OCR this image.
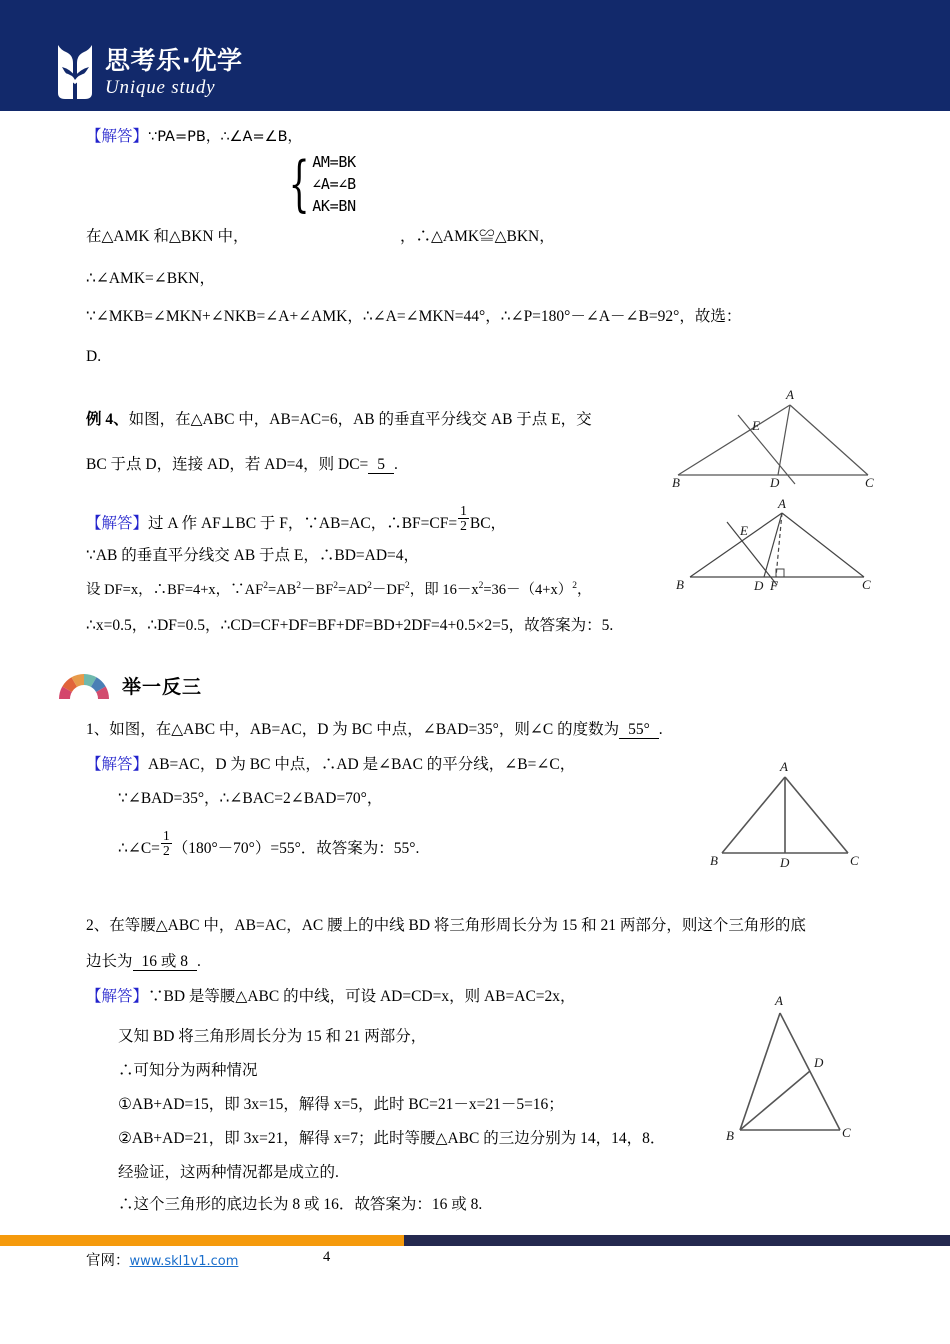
思考乐·优学
Unique study
【解答】∵PA=PB，∴∠A=∠B，
{ AM=BK
∠A=∠B
AK=BN
在△AMK 和△BKN 中，	，∴△AMK≌△BKN，
∴∠AMK=∠BKN，
∵∠MKB=∠MKN+∠NKB=∠A+∠AMK，∴∠A=∠MKN=44°，∴∠P=180°－∠A－∠B=92°，故选：
D.
例 4、如图，在△ABC 中，AB=AC=6，AB 的垂直平分线交 AB 于点 E，交
BC 于点 D，连接 AD，若 AD=4，则 DC= 5 .
【解答】过 A 作 AF⊥BC 于 F，∵AB=AC，∴BF=CF= $\frac{1}{2}$ BC，
∵AB 的垂直平分线交 AB 于点 E，∴BD=AD=4，
设 DF=x，∴BF=4+x，$\because AF^2=AB^2-BF^2=AD^2-DF^2$，即 $16-x^2=36-(4+x)^2$，
∴x=0.5，∴DF=0.5，∴CD=CF+DF=BF+DF=BD+2DF=4+0.5×2=5，故答案为：5.
举一反三
1、如图，在△ABC 中，AB=AC，D 为 BC 中点，∠BAD=35°，则∠C 的度数为 55° .
【解答】AB=AC，D 为 BC 中点，∴AD 是∠BAC 的平分线，∠B=∠C，
∵∠BAD=35°，∴∠BAC=2∠BAD=70°，
∴∠C= $\frac{1}{2} (180^\circ-70^\circ)=55^\circ$．故答案为：55°.
2、在等腰△ABC 中，AB=AC，AC 腰上的中线 BD 将三角形周长分为 15 和 21 两部分，则这个三角形的底
边长为 16 或 8 .
【解答】∵BD 是等腰△ABC 的中线，可设 AD=CD=x，则 AB=AC=2x，
又知 BD 将三角形周长分为 15 和 21 两部分，
∴可知分为两种情况
①AB+AD=15，即 3x=15，解得 x=5，此时 BC=21－x=21－5=16；
②AB+AD=21，即 3x=21，解得 x=7；此时等腰△ABC 的三边分别为 14，14，8．
经验证，这两种情况都是成立的.
∴这个三角形的底边长为 8 或 16．故答案为：16 或 8.
A
E
B	D	C
A
E
B	D F	C
A
B	D	C
A
D
B	C
官网：www.skl1v1.com	4
